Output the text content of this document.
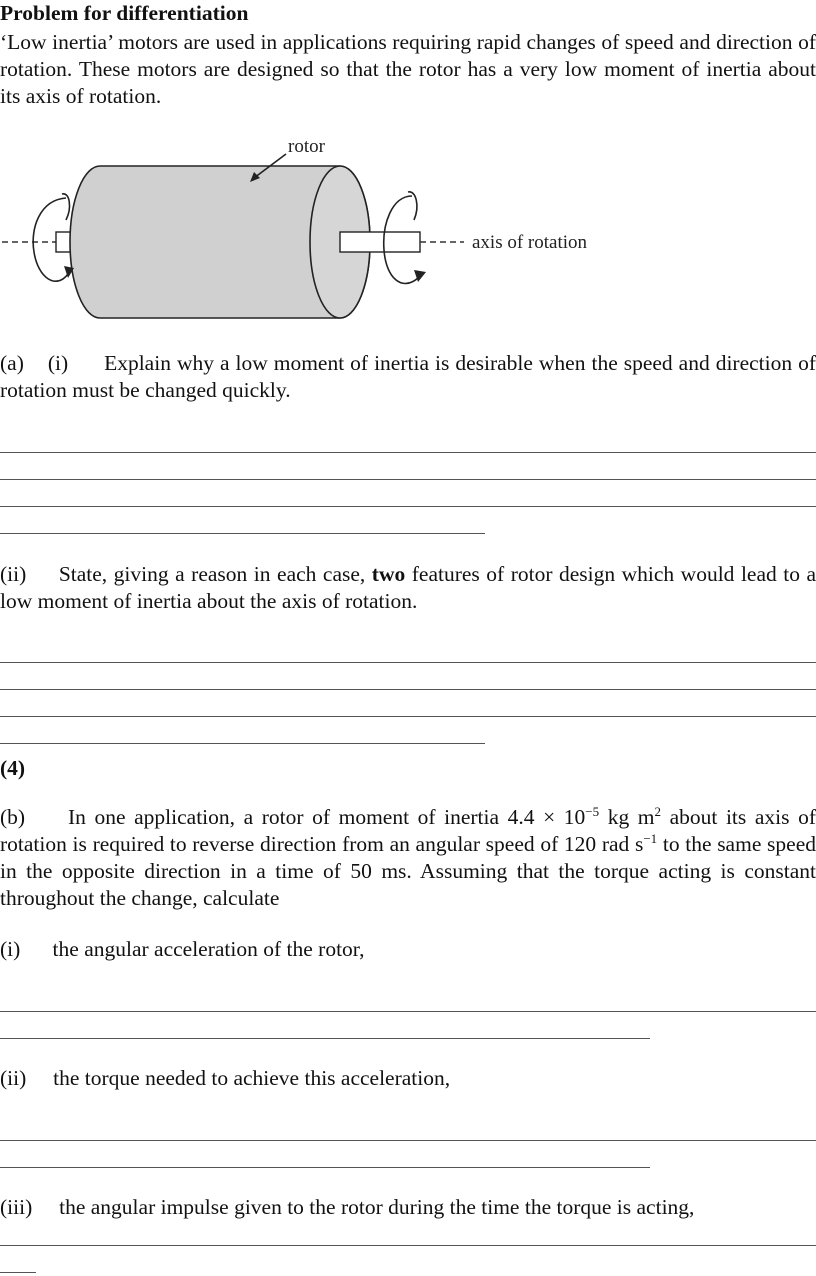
Problem for differentiation

‘Low inertia’ motors are used in applications requiring rapid changes of speed and direction of rotation. These motors are designed so that the rotor has a very low moment of inertia about its axis of rotation.

rotor
axis of rotation

(a) (i) Explain why a low moment of inertia is desirable when the speed and direction of rotation must be changed quickly.

(ii) State, giving a reason in each case, two features of rotor design which would lead to a low moment of inertia about the axis of rotation.

(4)

(b) In one application, a rotor of moment of inertia $4.4 \times 10^{-5}$ kg $m^2$ about its axis of rotation is required to reverse direction from an angular speed of 120 rad $s^{-1}$ to the same speed in the opposite direction in a time of 50 ms. Assuming that the torque acting is constant throughout the change, calculate

(i) the angular acceleration of the rotor,

(ii) the torque needed to achieve this acceleration,

(iii) the angular impulse given to the rotor during the time the torque is acting,
